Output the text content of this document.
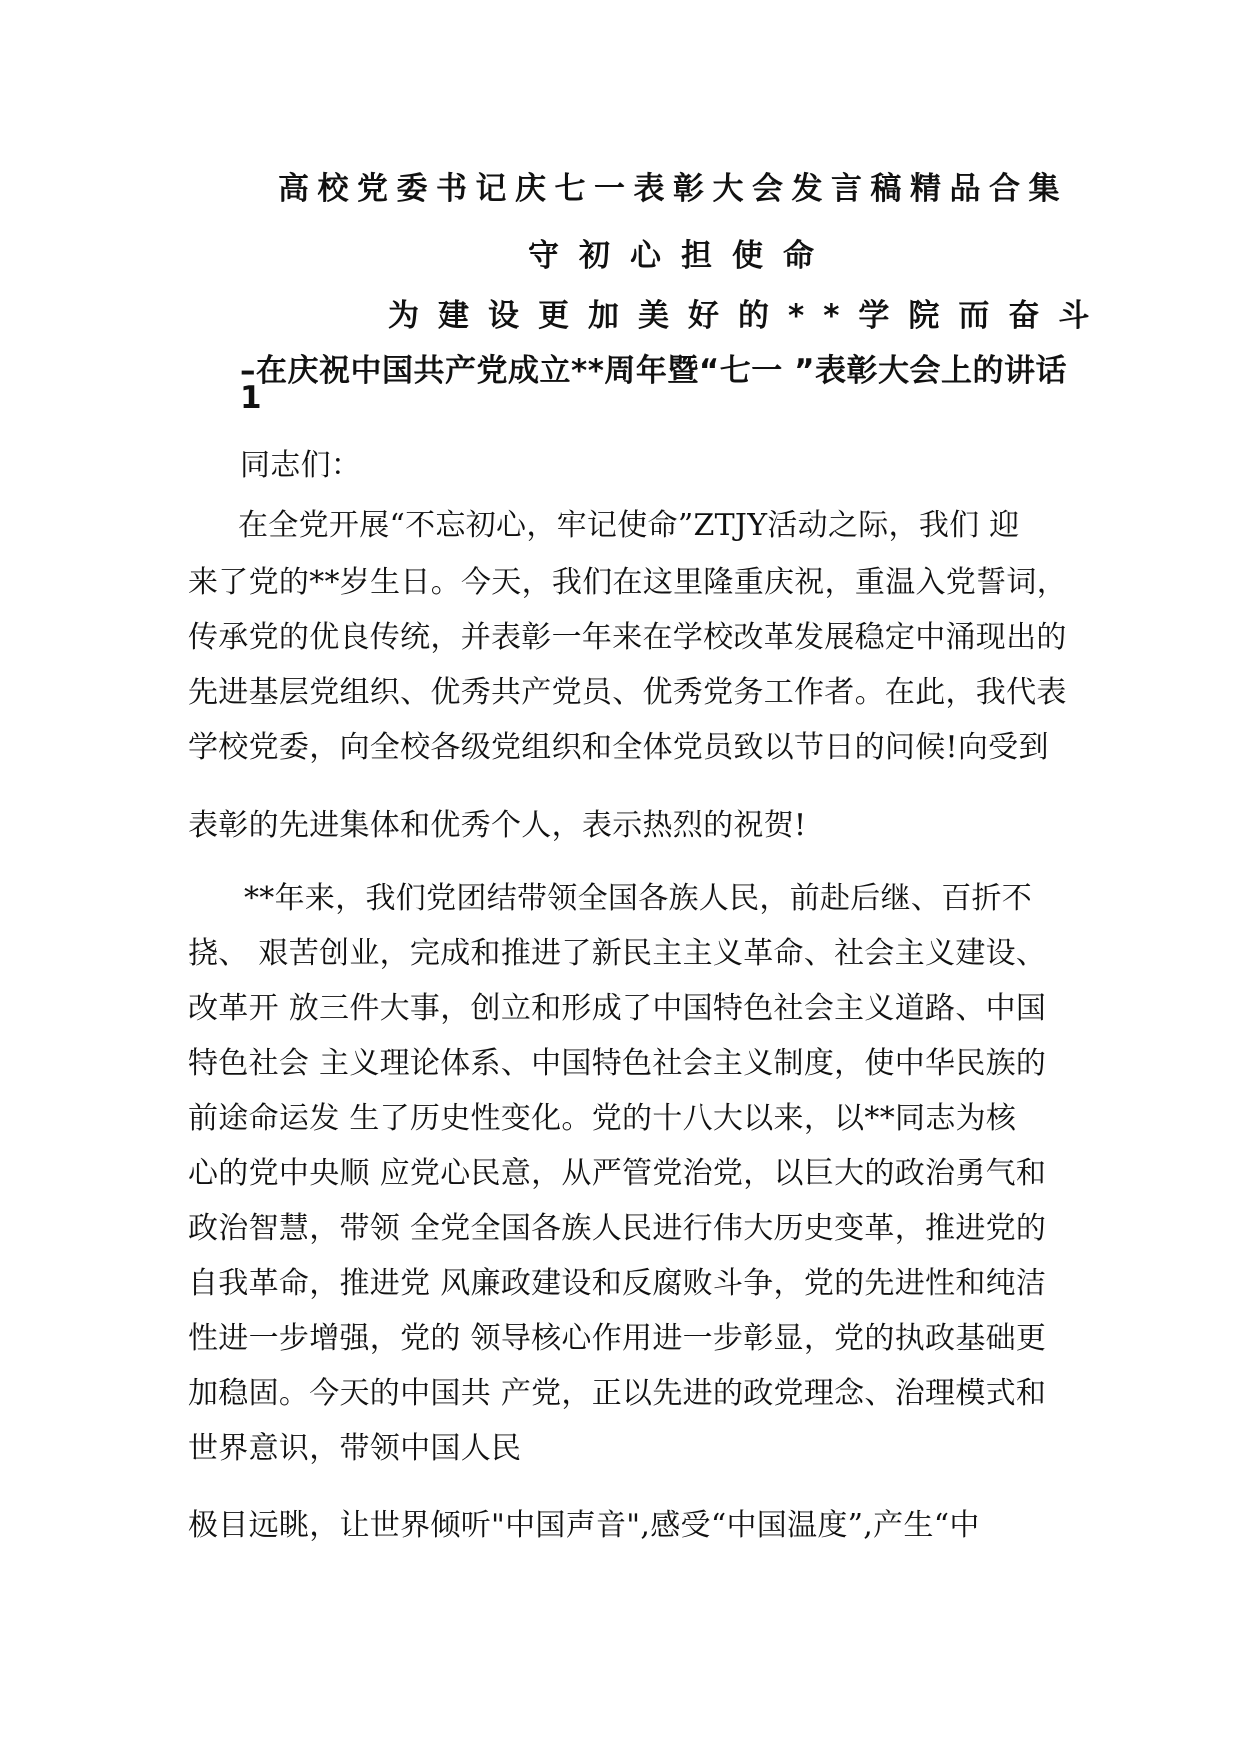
高校党委书记庆七一表彰大会发言稿精品合集

守初心担使命

为建设更加美好的**学院而奋斗

–在庆祝中国共产党成立**周年暨“七一 ”表彰大会上的讲话

1

同志们：

在全党开展“不忘初心，牢记使命”ZTJY活动之际，我们 迎

来了党的**岁生日。今天，我们在这里隆重庆祝，重温入党誓词，

传承党的优良传统，并表彰一年来在学校改革发展稳定中涌现出的

先进基层党组织、优秀共产党员、优秀党务工作者。在此，我代表

学校党委，向全校各级党组织和全体党员致以节日的问候!向受到

表彰的先进集体和优秀个人，表示热烈的祝贺!

**年来，我们党团结带领全国各族人民，前赴后继、百折不

挠、 艰苦创业，完成和推进了新民主主义革命、社会主义建设、

改革开 放三件大事，创立和形成了中国特色社会主义道路、中国

特色社会 主义理论体系、中国特色社会主义制度，使中华民族的

前途命运发 生了历史性变化。党的十八大以来，以**同志为核

心的党中央顺 应党心民意，从严管党治党，以巨大的政治勇气和

政治智慧，带领 全党全国各族人民进行伟大历史变革，推进党的

自我革命，推进党 风廉政建设和反腐败斗争，党的先进性和纯洁

性进一步增强，党的 领导核心作用进一步彰显，党的执政基础更

加稳固。今天的中国共 产党，正以先进的政党理念、治理模式和

世界意识，带领中国人民

极目远眺，让世界倾听"中国声音",感受“中国温度”,产生“中
